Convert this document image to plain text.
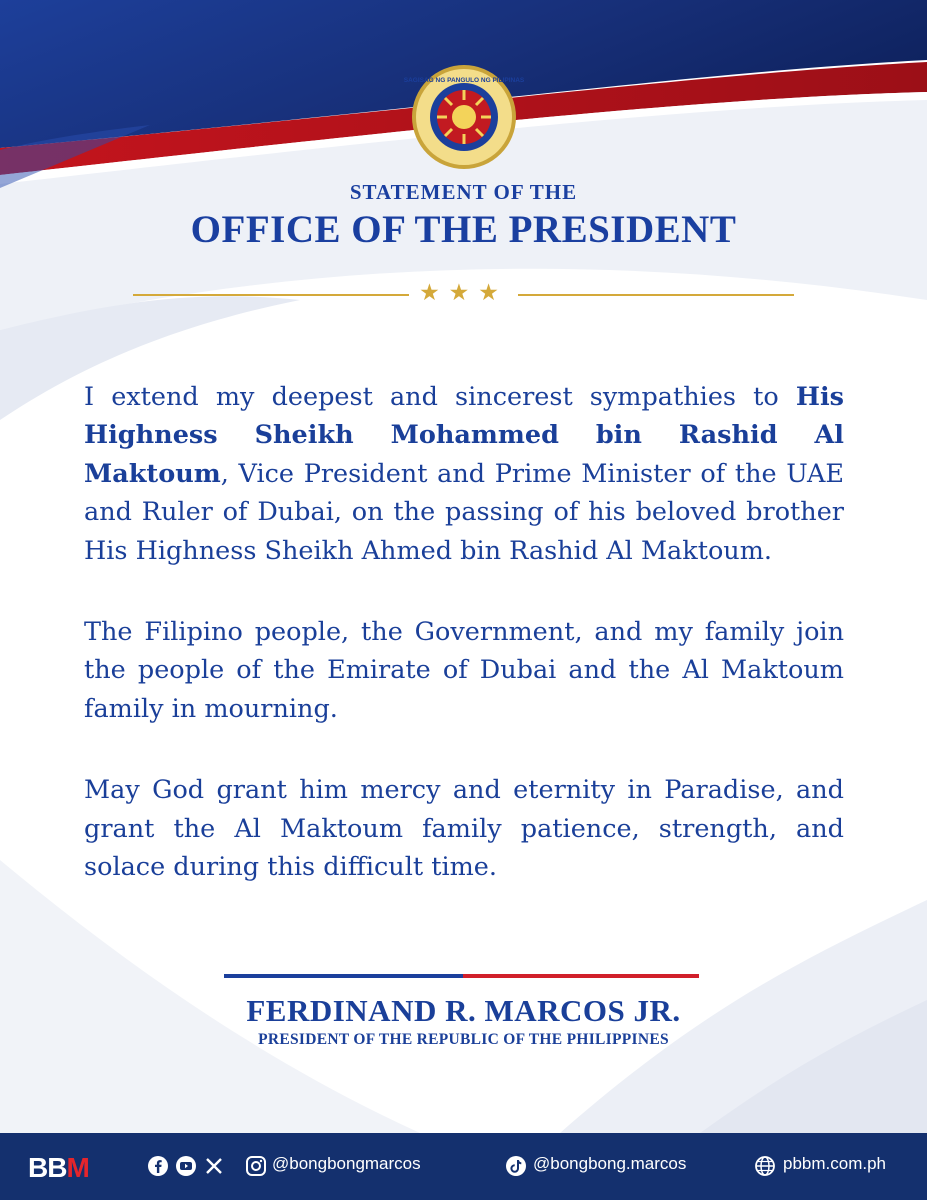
SAGISAG NG PANGULO NG PILIPINAS
STATEMENT OF THE
OFFICE OF THE PRESIDENT
★★★

I extend my deepest and sincerest sympathies to His Highness Sheikh Mohammed bin Rashid Al Maktoum, Vice President and Prime Minister of the UAE and Ruler of Dubai, on the passing of his beloved brother His Highness Sheikh Ahmed bin Rashid Al Maktoum.

The Filipino people, the Government, and my family join the people of the Emirate of Dubai and the Al Maktoum family in mourning.

May God grant him mercy and eternity in Paradise, and grant the Al Maktoum family patience, strength, and solace during this difficult time.

FERDINAND R. MARCOS JR.
PRESIDENT OF THE REPUBLIC OF THE PHILIPPINES
BBM	@bongbongmarcos	@bongbong.marcos	pbbm.com.ph
